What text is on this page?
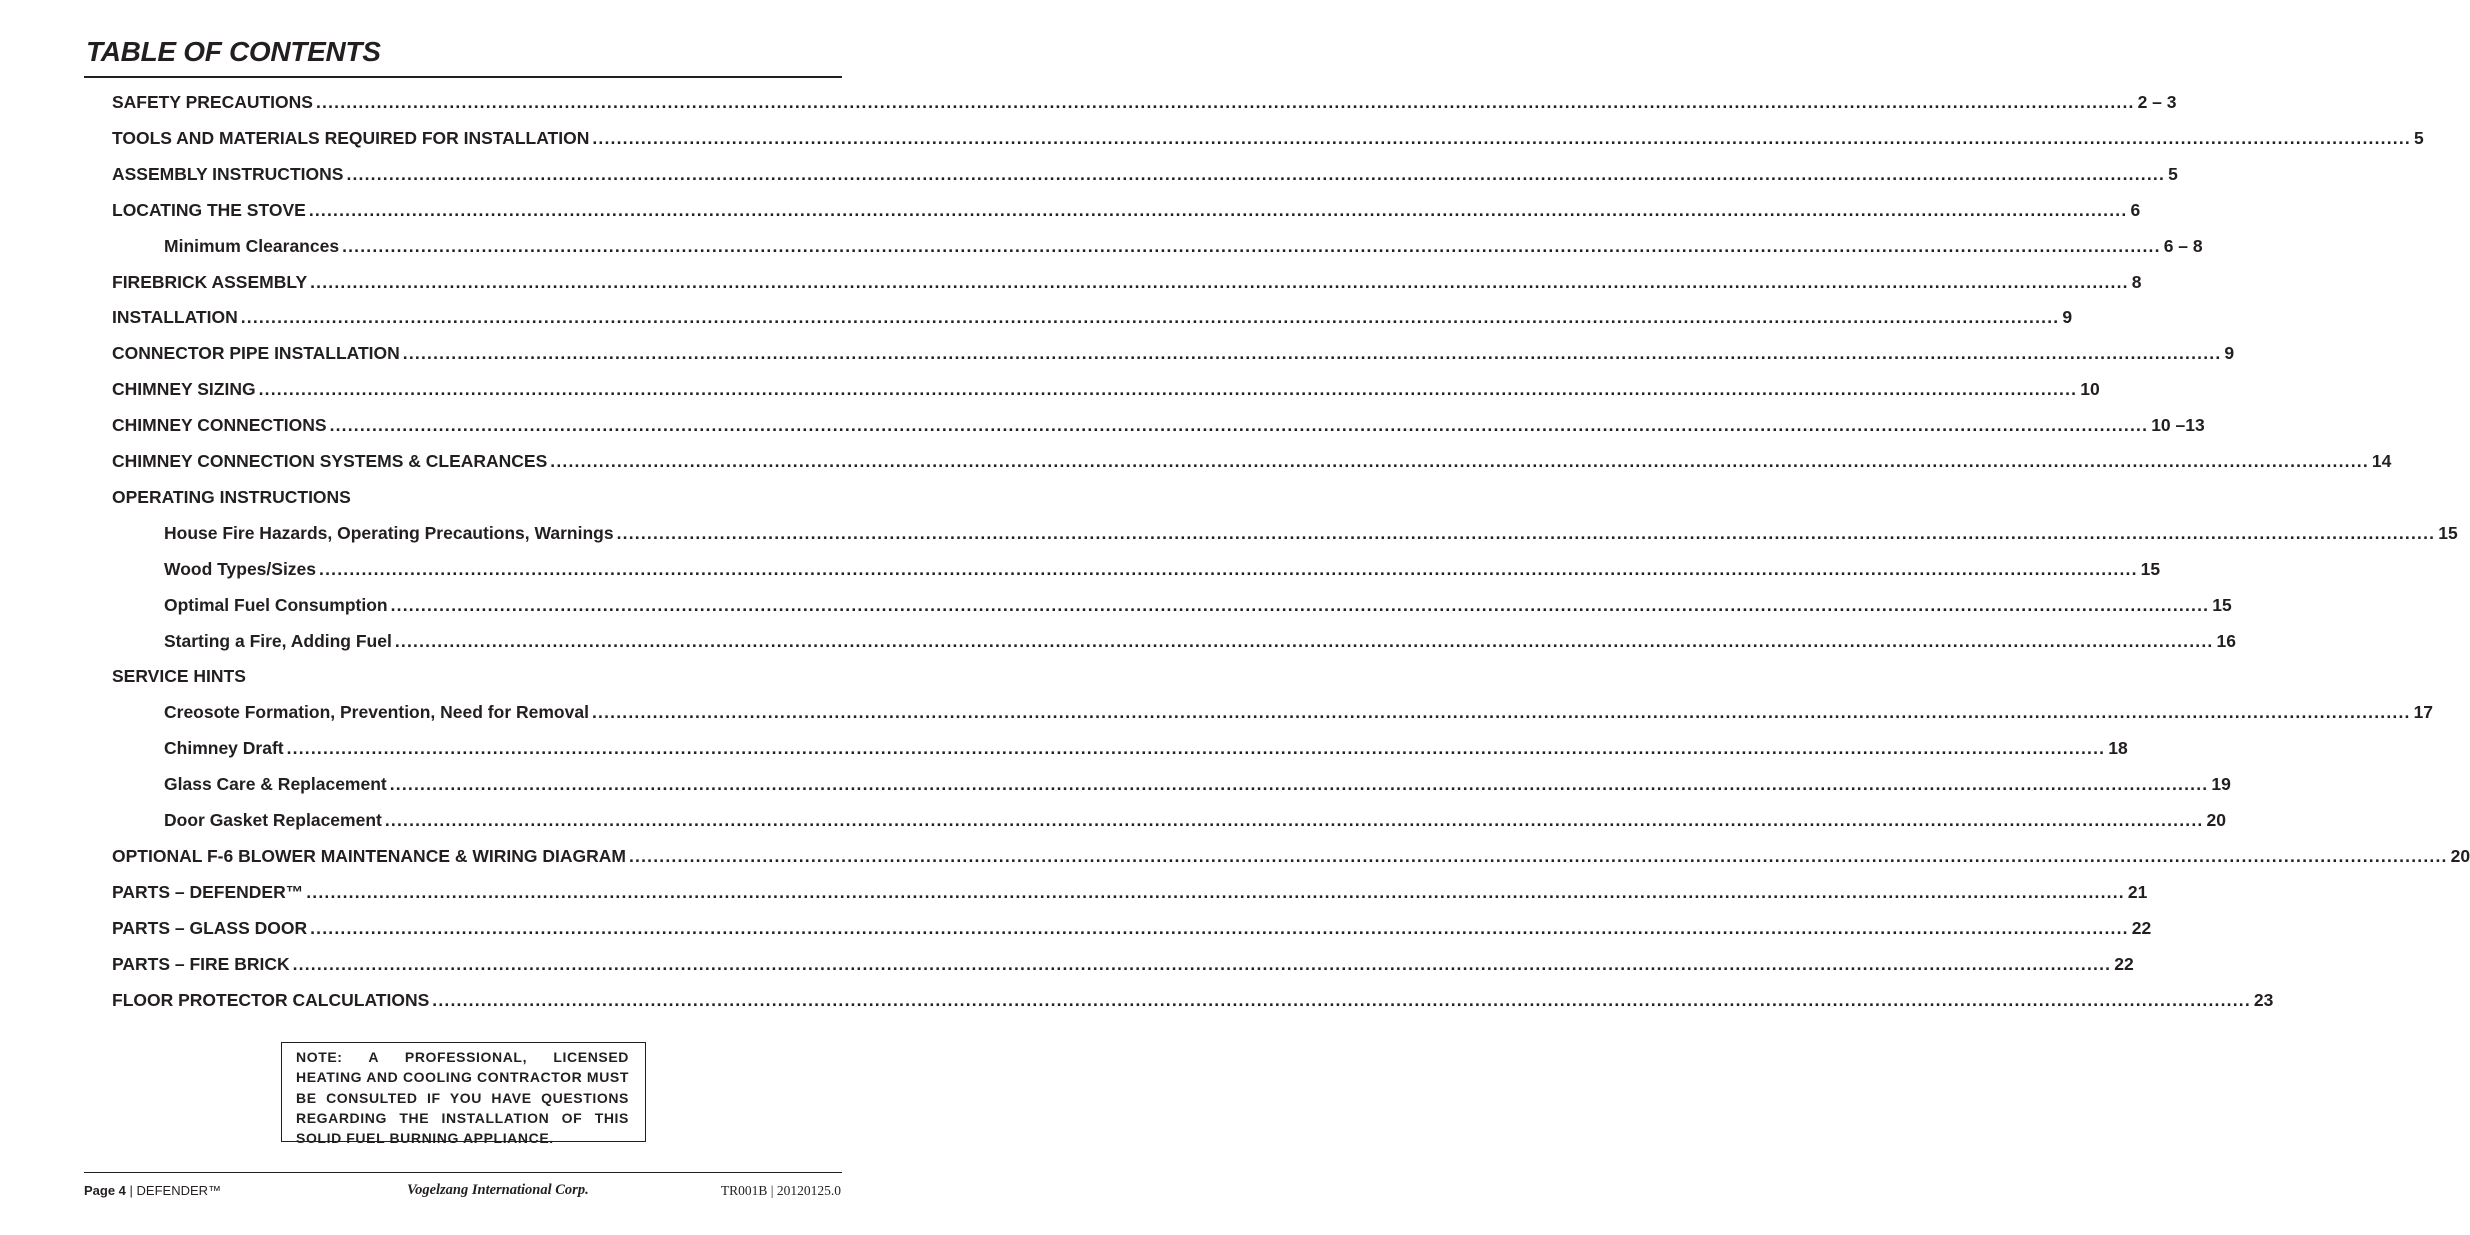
TABLE OF CONTENTS
SAFETY PRECAUTIONS ............................................................................................................................................................................................................................................................................................................ 2 – 3
TOOLS AND MATERIALS REQUIRED FOR INSTALLATION ............................................................................................................................................................................................................................................................................................................ 5
ASSEMBLY INSTRUCTIONS ............................................................................................................................................................................................................................................................................................................ 5
LOCATING THE STOVE ............................................................................................................................................................................................................................................................................................................ 6
Minimum Clearances ............................................................................................................................................................................................................................................................................................................ 6 – 8
FIREBRICK ASSEMBLY ............................................................................................................................................................................................................................................................................................................ 8
INSTALLATION ............................................................................................................................................................................................................................................................................................................ 9
CONNECTOR PIPE INSTALLATION ............................................................................................................................................................................................................................................................................................................ 9
CHIMNEY SIZING ............................................................................................................................................................................................................................................................................................................ 10
CHIMNEY CONNECTIONS ............................................................................................................................................................................................................................................................................................................ 10 –13
CHIMNEY CONNECTION SYSTEMS & CLEARANCES ............................................................................................................................................................................................................................................................................................................ 14
OPERATING INSTRUCTIONS
House Fire Hazards, Operating Precautions, Warnings ............................................................................................................................................................................................................................................................................................................ 15
Wood Types/Sizes ............................................................................................................................................................................................................................................................................................................ 15
Optimal Fuel Consumption ............................................................................................................................................................................................................................................................................................................ 15
Starting a Fire, Adding Fuel ............................................................................................................................................................................................................................................................................................................ 16
SERVICE HINTS
Creosote Formation, Prevention, Need for Removal ............................................................................................................................................................................................................................................................................................................ 17
Chimney Draft ............................................................................................................................................................................................................................................................................................................ 18
Glass Care & Replacement ............................................................................................................................................................................................................................................................................................................ 19
Door Gasket Replacement ............................................................................................................................................................................................................................................................................................................ 20
OPTIONAL F-6 BLOWER MAINTENANCE & WIRING DIAGRAM ............................................................................................................................................................................................................................................................................................................ 20
PARTS – DEFENDER™ ............................................................................................................................................................................................................................................................................................................ 21
PARTS – GLASS DOOR ............................................................................................................................................................................................................................................................................................................ 22
PARTS – FIRE BRICK ............................................................................................................................................................................................................................................................................................................ 22
FLOOR PROTECTOR CALCULATIONS ............................................................................................................................................................................................................................................................................................................ 23
NOTE: A PROFESSIONAL, LICENSED HEATING AND COOLING CONTRACTOR MUST BE CONSULTED IF YOU HAVE QUESTIONS REGARDING THE INSTALLATION OF THIS SOLID FUEL BURNING APPLIANCE.
Page 4 | DEFENDER™	Vogelzang International Corp.	TR001B | 20120125.0
